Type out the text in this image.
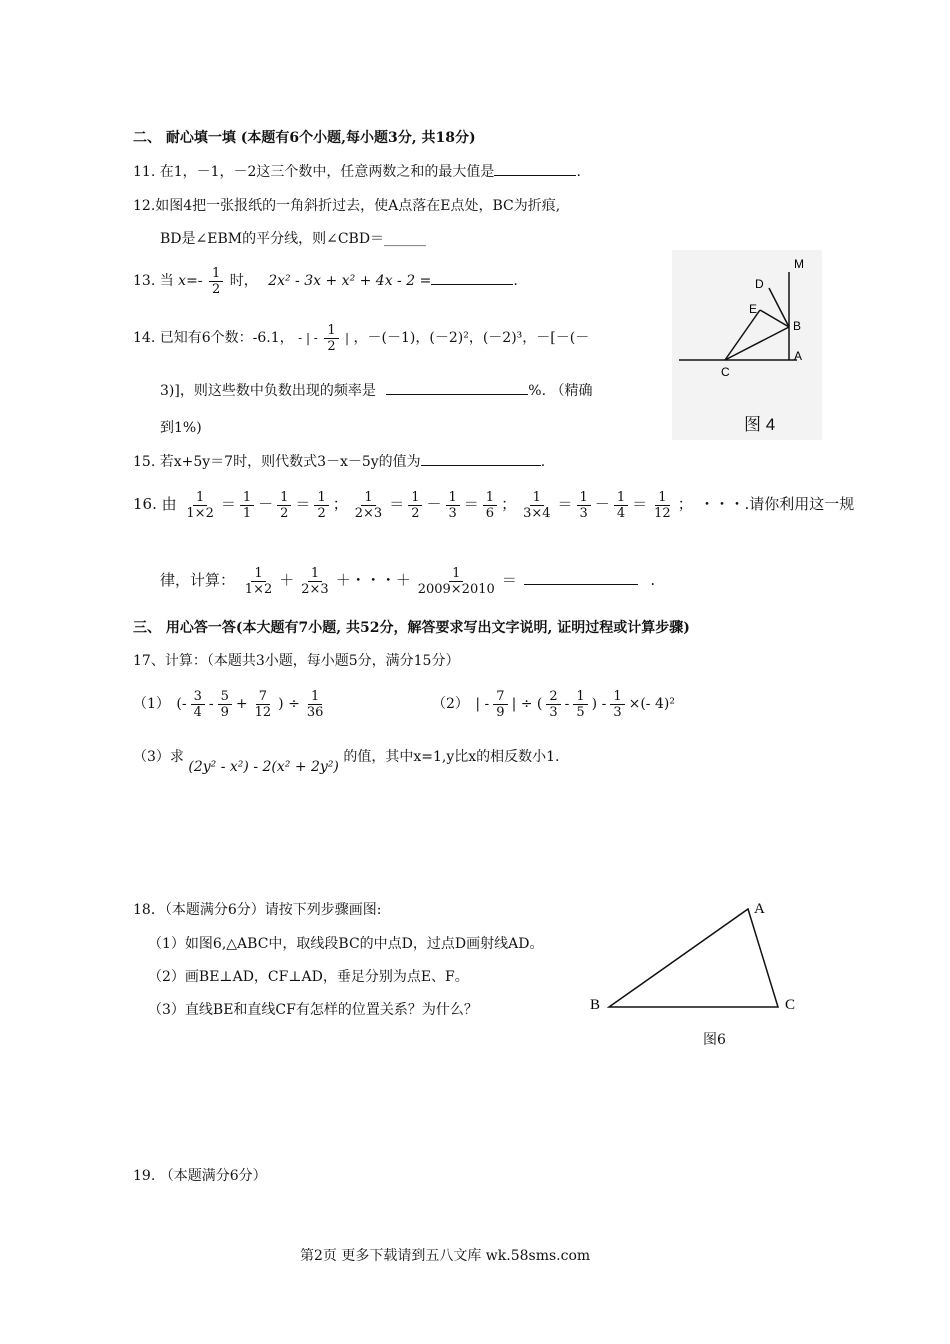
二、 耐心填一填 (本题有6个小题,每小题3分, 共18分)
11. 在1，－1，－2这三个数中，任意两数之和的最大值是	.
12.如图4把一张报纸的一角斜折过去，使A点落在E点处，BC为折痕,
BD是∠EBM的平分线，则∠CBD＝______
13. 当 $x=- \frac{1}{2}$ 时， 2x² - 3x + x² + 4x - 2 =	.
14. 已知有6个数：-6.1， - | - $\frac{1}{2}$ | ，－(－1)，(－2)²，(－2)³，－[－(－
3)]，则这些数中负数出现的频率是	%. （精确
到1%)
15. 若x+5y＝7时，则代数式3－x－5y的值为	.
16. 由 $\frac{1}{1\times 2} = \frac{1}{1} - \frac{1}{2} = \frac{1}{2}$ ； $\frac{1}{2\times 3} = \frac{1}{2} - \frac{1}{3} = \frac{1}{6}$ ； $\frac{1}{3\times 4} = \frac{1}{3} - \frac{1}{4} = \frac{1}{12}$ ； ・・・.请你利用这一规
律，计算： $\frac{1}{1\times 2} + \frac{1}{2\times 3}$ ＋・・・＋ $\frac{1}{2009\times 2010}$ ＝	.
三、 用心答一答(本大题有7小题, 共52分，解答要求写出文字说明, 证明过程或计算步骤)
17、计算：（本题共3小题，每小题5分，满分15分）
（1） (- $\frac{3}{4} - \frac{5}{9} + \frac{7}{12}$ ) ÷ $\frac{1}{36}$	（2） | - $\frac{7}{9}$ | ÷ ( $\frac{2}{3} - \frac{1}{5}$ ) - $\frac{1}{3}$ ×(- 4)²
（3）求 (2y² - x²) - 2(x² + 2y²) 的值，其中x=1,y比x的相反数小1.
18．（本题满分6分）请按下列步骤画图:
（1）如图6,△ABC中，取线段BC的中点D，过点D画射线AD。
（2）画BE⊥AD，CF⊥AD，垂足分别为点E、F。
（3）直线BE和直线CF有怎样的位置关系？为什么？
19. （本题满分6分）
M
D
E
B
A
C
图 4
A
B	C
图6
第2页 更多下载请到五八文库 wk.58sms.com
